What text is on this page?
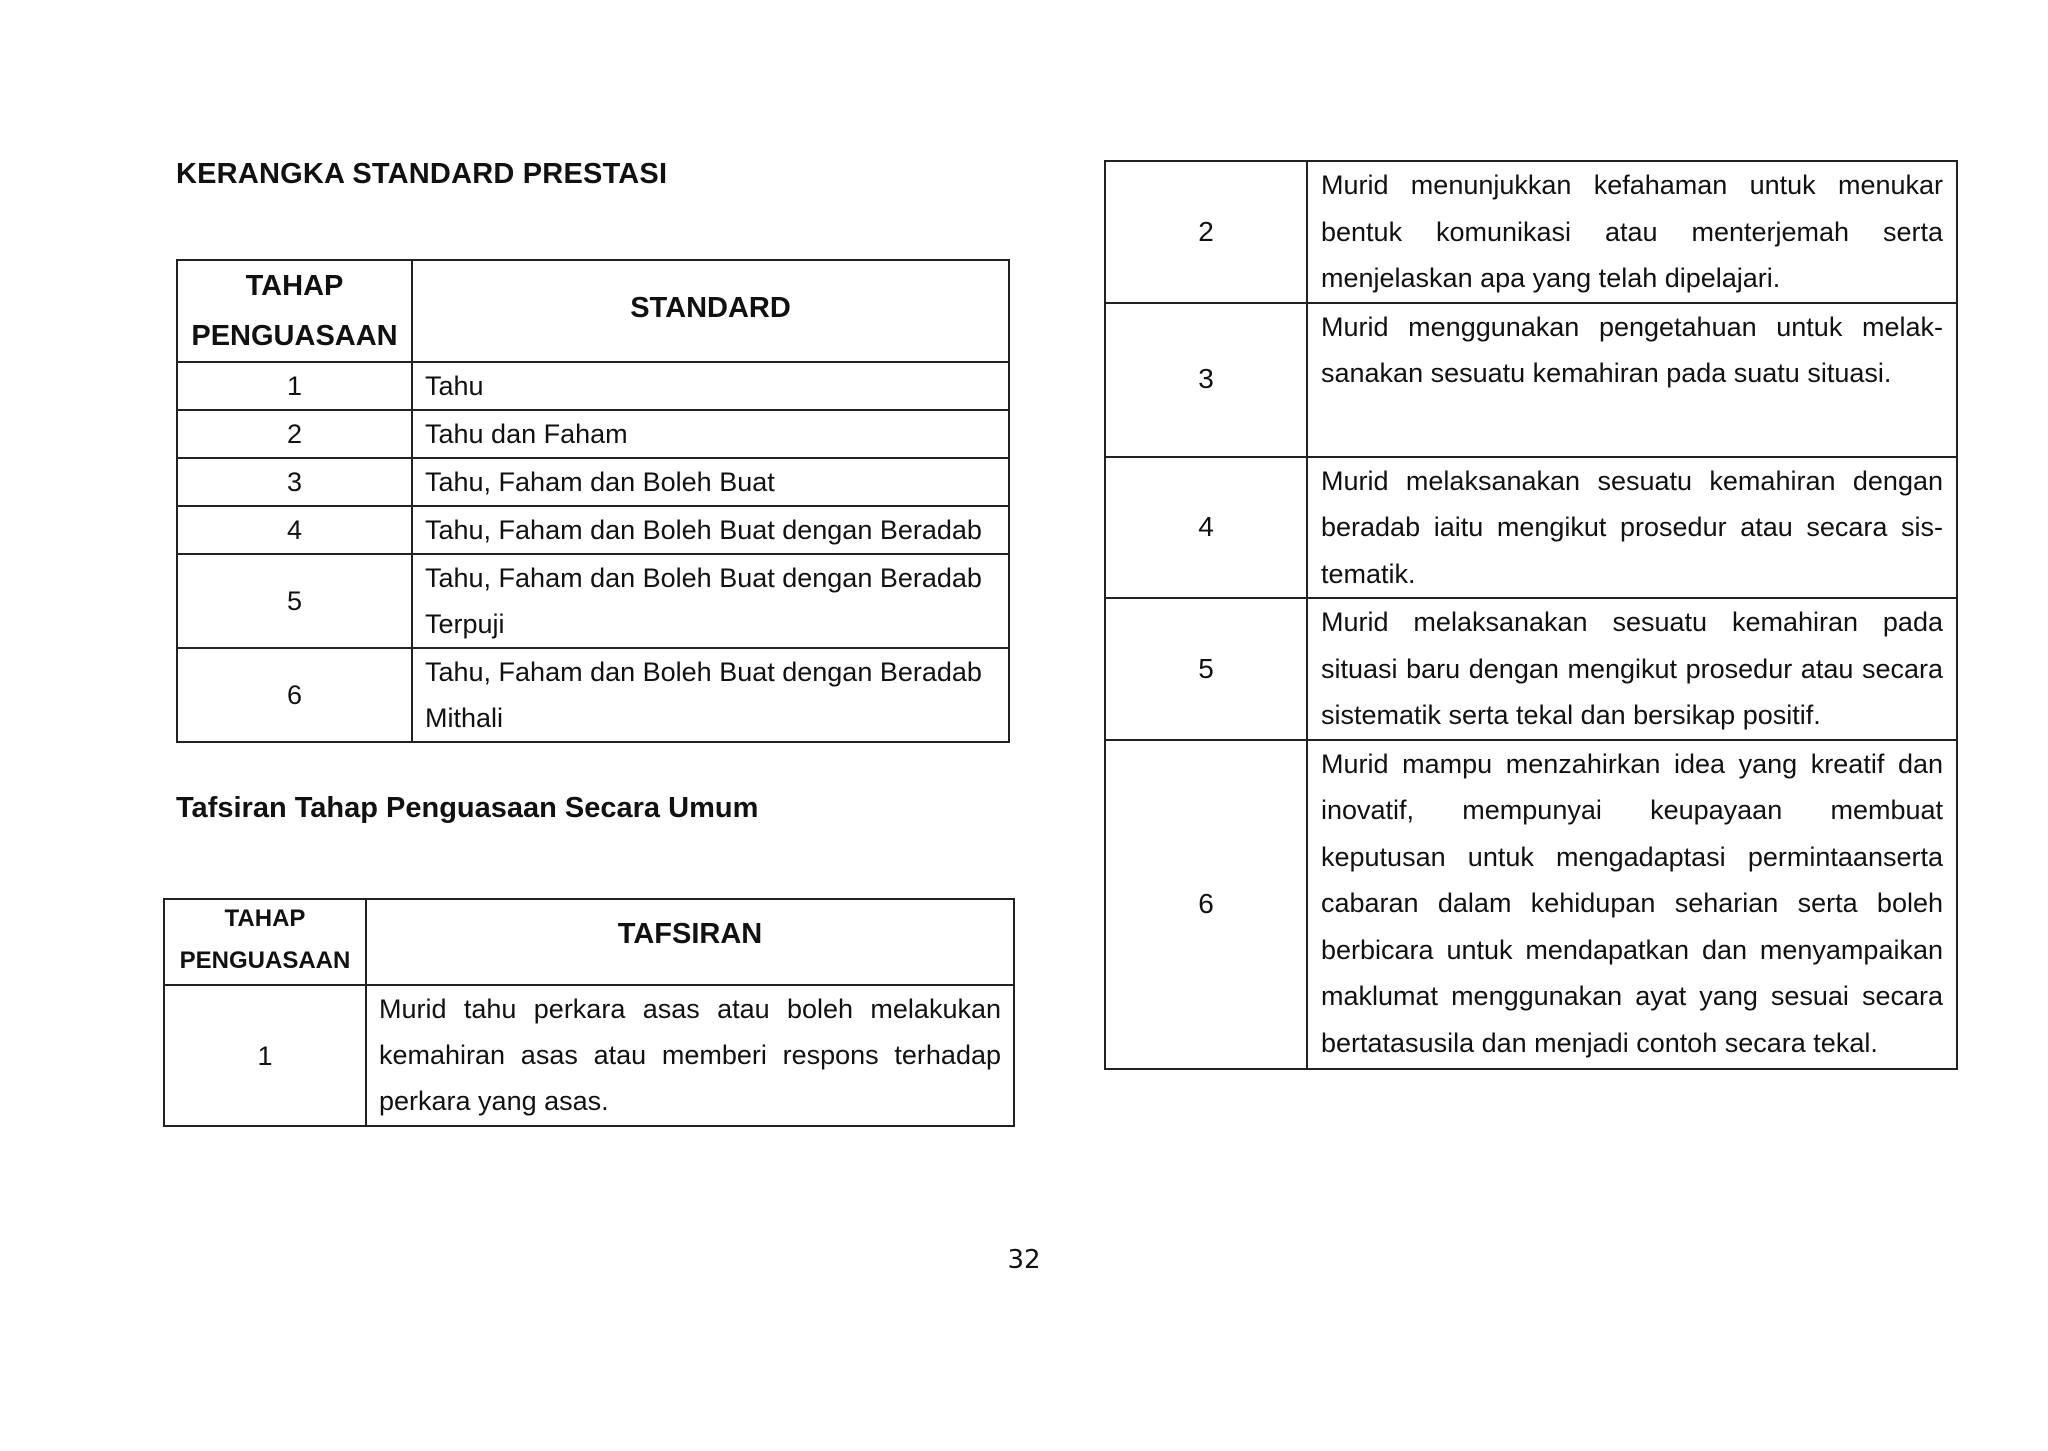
KERANGKA STANDARD PRESTASI
TAHAP
PENGUASAAN	STANDARD
1	Tahu
2	Tahu dan Faham
3	Tahu, Faham dan Boleh Buat
4	Tahu, Faham dan Boleh Buat dengan Beradab
5	Tahu, Faham dan Boleh Buat dengan Beradab Terpuji
6	Tahu, Faham dan Boleh Buat dengan Beradab Mithali
Tafsiran Tahap Penguasaan Secara Umum
TAHAP
PENGUASAAN	TAFSIRAN
1	Murid tahu perkara asas atau boleh melakukan kemahiran asas atau memberi respons terhadap perkara yang asas.
2	Murid menunjukkan kefahaman untuk menukar bentuk komunikasi atau menterjemah serta menjelaskan apa yang telah dipelajari.
3	Murid menggunakan pengetahuan untuk melak-sanakan sesuatu kemahiran pada suatu situasi.
4	Murid melaksanakan sesuatu kemahiran dengan beradab iaitu mengikut prosedur atau secara sis-tematik.
5	Murid melaksanakan sesuatu kemahiran pada situasi baru dengan mengikut prosedur atau secara sistematik serta tekal dan bersikap positif.
6	Murid mampu menzahirkan idea yang kreatif dan inovatif, mempunyai keupayaan membuat keputusan untuk mengadaptasi permintaanserta cabaran dalam kehidupan seharian serta boleh berbicara untuk mendapatkan dan menyampaikan maklumat menggunakan ayat yang sesuai secara bertatasusila dan menjadi contoh secara tekal.
32
